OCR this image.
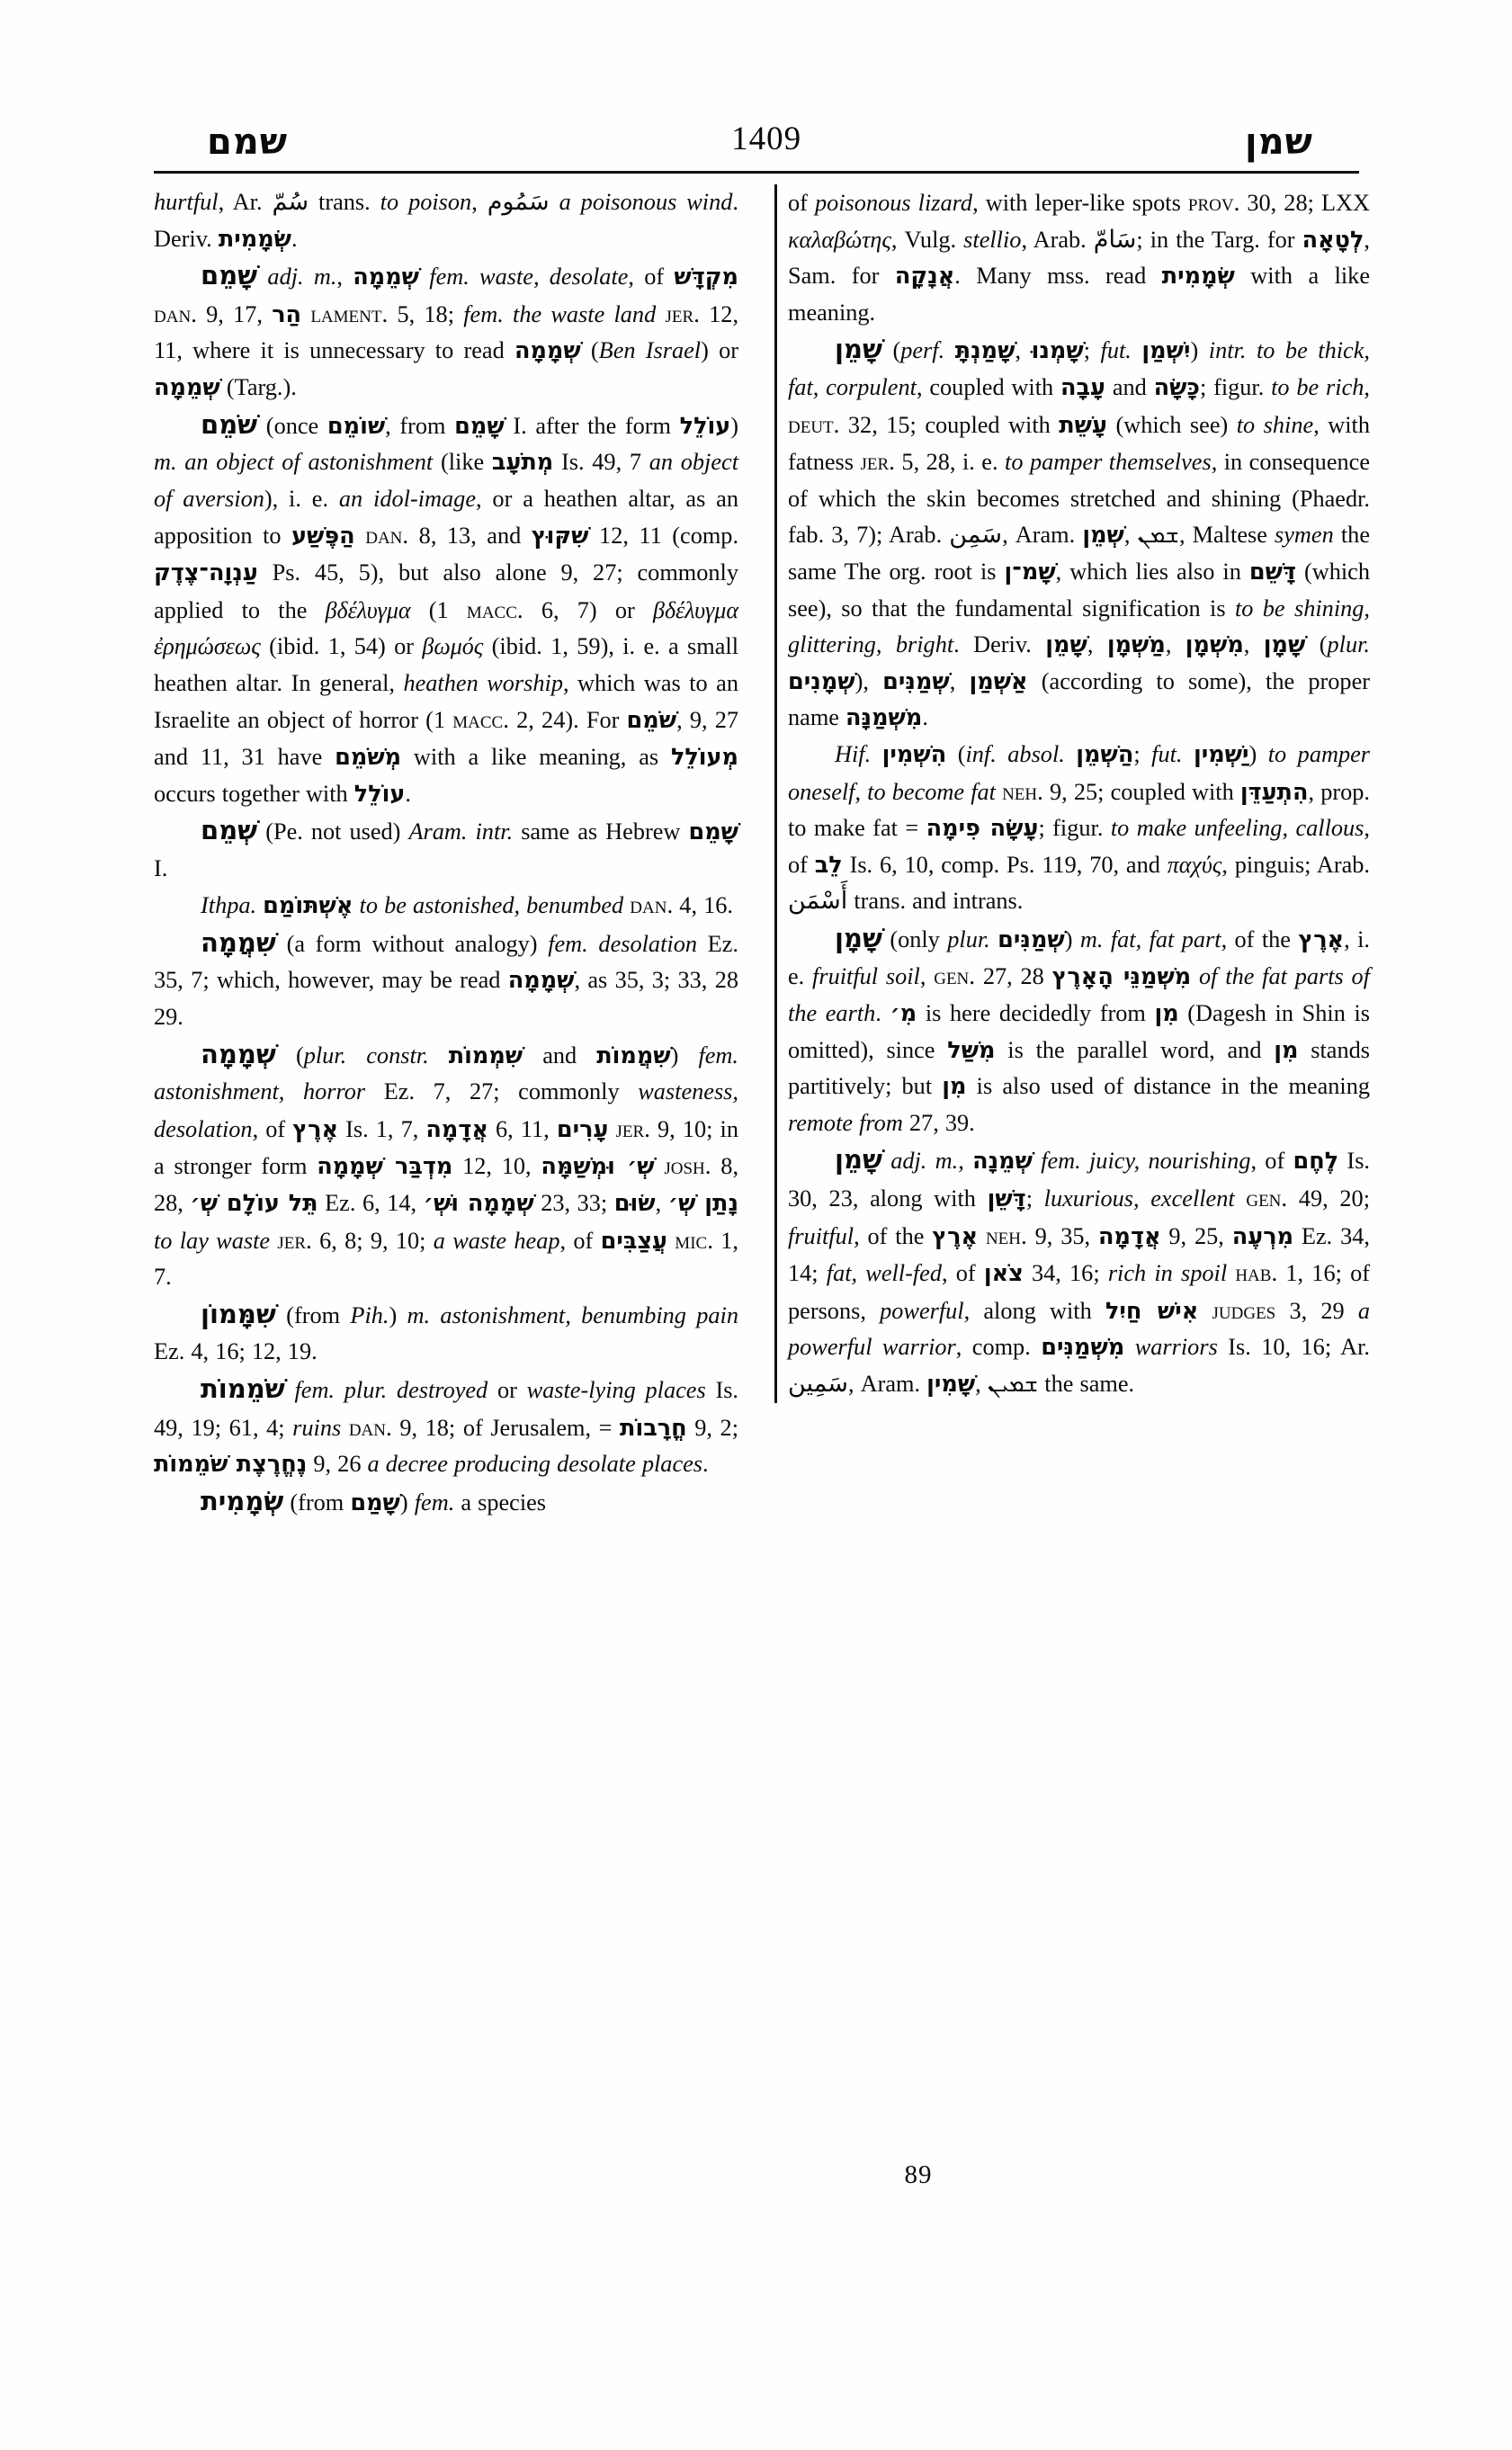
שמם	1409	שמן

hurtful, Ar. سُمّ trans. to poison, سَمُوم a poisonous wind. Deriv. שְׂמָמִית.

שָׁמֵם adj. m., שְׁמֵמָה fem. waste, desolate, of מִקְדָּשׁ dan. 9, 17, הַר lament. 5, 18; fem. the waste land jer. 12, 11, where it is unnecessary to read שְׁמָמָה (Ben Israel) or שְׁמֵמָה (Targ.).

שֹׁמֵם (once שׁוֹמֵם, from שָׁמֵם I. after the form עוֹלֵל) m. an object of astonishment (like מְתֹעָב Is. 49, 7 an object of aversion), i. e. an idol-image, or a heathen altar, as an apposition to הַפֶּשַׁע dan. 8, 13, and שִׁקּוּץ 12, 11 (comp. עַנְוָה־צֶדֶק Ps. 45, 5), but also alone 9, 27; commonly applied to the βδέλυγμα (1 macc. 6, 7) or βδέλυγμα ἐρημώσεως (ibid. 1, 54) or βωμός (ibid. 1, 59), i. e. a small heathen altar. In general, heathen worship, which was to an Israelite an object of horror (1 macc. 2, 24). For שֹׁמֵם, 9, 27 and 11, 31 have מְשֹׁמֵם with a like meaning, as מְעוֹלֵל occurs together with עוֹלֵל.

שְׁמֵם (Pe. not used) Aram. intr. same as Hebrew שָׁמֵם I.

Ithpa. אֶשְׁתּוֹמַם to be astonished, benumbed dan. 4, 16.

שִׁמֲמָה (a form without analogy) fem. desolation Ez. 35, 7; which, however, may be read שְׁמָמָה, as 35, 3; 33, 28 29.

שְׁמָמָה (plur. constr. שִׁמְמוֹת and שִׁמֲמוֹת) fem. astonishment, horror Ez. 7, 27; commonly wasteness, desolation, of אֶרֶץ Is. 1, 7, אֲדָמָה 6, 11, עָרִים jer. 9, 10; in a stronger form מִדְבַּר שְׁמָמָה 12, 10, שְׁ׳ וּמְשַׁמָּה josh. 8, 28, תֵּל עוֹלָם שְׁ׳ Ez. 6, 14, שְׁמָמָה וּשְׁ׳ 23, 33; שׂוּם, נָתַן שְׁ׳ to lay waste jer. 6, 8; 9, 10; a waste heap, of עֲצַבִּים mic. 1, 7.

שִׁמָּמוֹן (from Pih.) m. astonishment, benumbing pain Ez. 4, 16; 12, 19.

שֹׁמֵמוֹת fem. plur. destroyed or waste-lying places Is. 49, 19; 61, 4; ruins dan. 9, 18; of Jerusalem, = חֳרָבוֹת 9, 2; נֶחֱרֶצֶת שֹׁמֵמוֹת 9, 26 a decree producing desolate places.

שְׂמָמִית (from שָׁמַם) fem. a species

of poisonous lizard, with leper-like spots prov. 30, 28; LXX καλαβώτης, Vulg. stellio, Arab. سَامّ; in the Targ. for לְטָאָה, Sam. for אֲנָקָה. Many mss. read שְׂמָמִית with a like meaning.

שָׁמֵן (perf. שָׁמַנְתָּ, שָׁמְנוּ; fut. יִשְׁמַן) intr. to be thick, fat, corpulent, coupled with עָבָה and כָּשָׂה; figur. to be rich, deut. 32, 15; coupled with עָשֵׁת (which see) to shine, with fatness jer. 5, 28, i. e. to pamper themselves, in consequence of which the skin becomes stretched and shining (Phaedr. fab. 3, 7); Arab. سَمِن, Aram. שְׁמֵן, ܫܡܢ, Maltese symen the same The org. root is שָׁמ־ן, which lies also in דָּשֵׁם (which see), so that the fundamental signification is to be shining, glittering, bright. Deriv. שָׁמֵן, מַשְׁמָן, מִשְׁמָן, שָׁמָן (plur. שְׁמָנִים), שְׁמַנִּים, אַשְׁמַן (according to some), the proper name מִשְׁמַנָּה.

Hif. הִשְׁמִין (inf. absol. הַשְׁמֵן; fut. יַשְׁמִין) to pamper oneself, to become fat neh. 9, 25; coupled with הִתְעַדֵּן, prop. to make fat = עָשָׂה פִימָה; figur. to make unfeeling, callous, of לֵב Is. 6, 10, comp. Ps. 119, 70, and παχύς, pinguis; Arab. أَسْمَن trans. and intrans.

שָׁמָן (only plur. שְׁמַנִּים) m. fat, fat part, of the אֶרֶץ, i. e. fruitful soil, gen. 27, 28 מִשְׁמַנֵּי הָאָרֶץ of the fat parts of the earth. מִ׳ is here decidedly from מִן (Dagesh in Shin is omitted), since מִשַּׁל is the parallel word, and מִן stands partitively; but מִן is also used of distance in the meaning remote from 27, 39.

שָׁמֵן adj. m., שְׁמֵנָה fem. juicy, nourishing, of לֶחֶם Is. 30, 23, along with דָּשֵׁן; luxurious, excellent gen. 49, 20; fruitful, of the אֶרֶץ neh. 9, 35, אֲדָמָה 9, 25, מִרְעֶה Ez. 34, 14; fat, well-fed, of צֹאן 34, 16; rich in spoil hab. 1, 16; of persons, powerful, along with אִישׁ חַיִל judges 3, 29 a powerful warrior, comp. מִשְׁמַנִּים warriors Is. 10, 16; Ar. سَمِين, Aram. שָׁמִין, ܫܡܝܢ the same.

89
